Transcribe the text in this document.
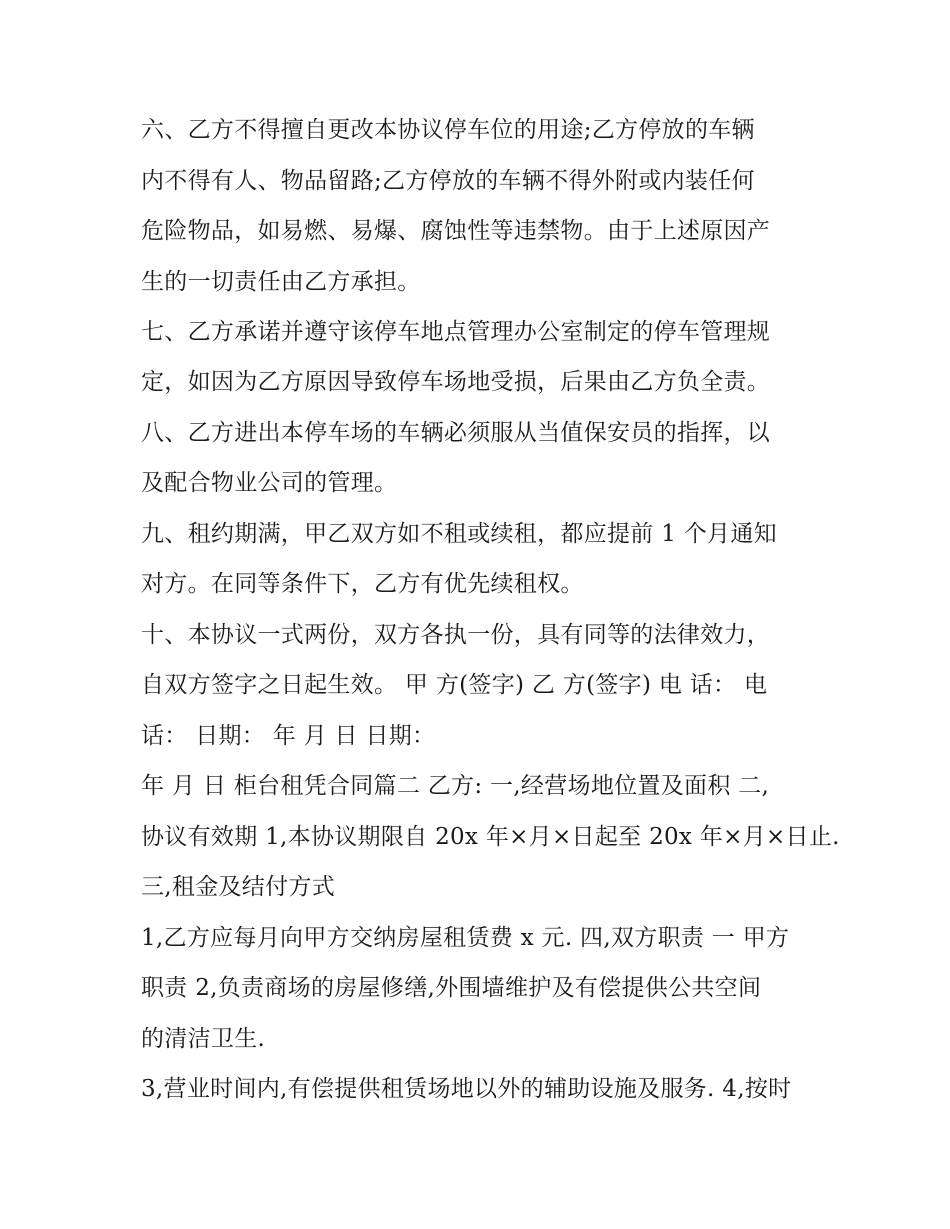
六、乙方不得擅自更改本协议停车位的用途;乙方停放的车辆
内不得有人、物品留路;乙方停放的车辆不得外附或内装任何
危险物品，如易燃、易爆、腐蚀性等违禁物。由于上述原因产
生的一切责任由乙方承担。
七、乙方承诺并遵守该停车地点管理办公室制定的停车管理规
定，如因为乙方原因导致停车场地受损，后果由乙方负全责。
八、乙方进出本停车场的车辆必须服从当值保安员的指挥，以
及配合物业公司的管理。
九、租约期满，甲乙双方如不租或续租，都应提前 1 个月通知
对方。在同等条件下，乙方有优先续租权。
十、本协议一式两份，双方各执一份，具有同等的法律效力，
自双方签字之日起生效。 甲 方(签字) 乙 方(签字) 电 话： 电
话： 日期： 年 月 日 日期：
年 月 日 柜台租凭合同篇二 乙方: 一,经营场地位置及面积 二,
协议有效期 1,本协议期限自 20x 年×月×日起至 20x 年×月×日止.
三,租金及结付方式
1,乙方应每月向甲方交纳房屋租赁费 x 元. 四,双方职责 一 甲方
职责 2,负责商场的房屋修缮,外围墙维护及有偿提供公共空间
的清洁卫生.
3,营业时间内,有偿提供租赁场地以外的辅助设施及服务. 4,按时
